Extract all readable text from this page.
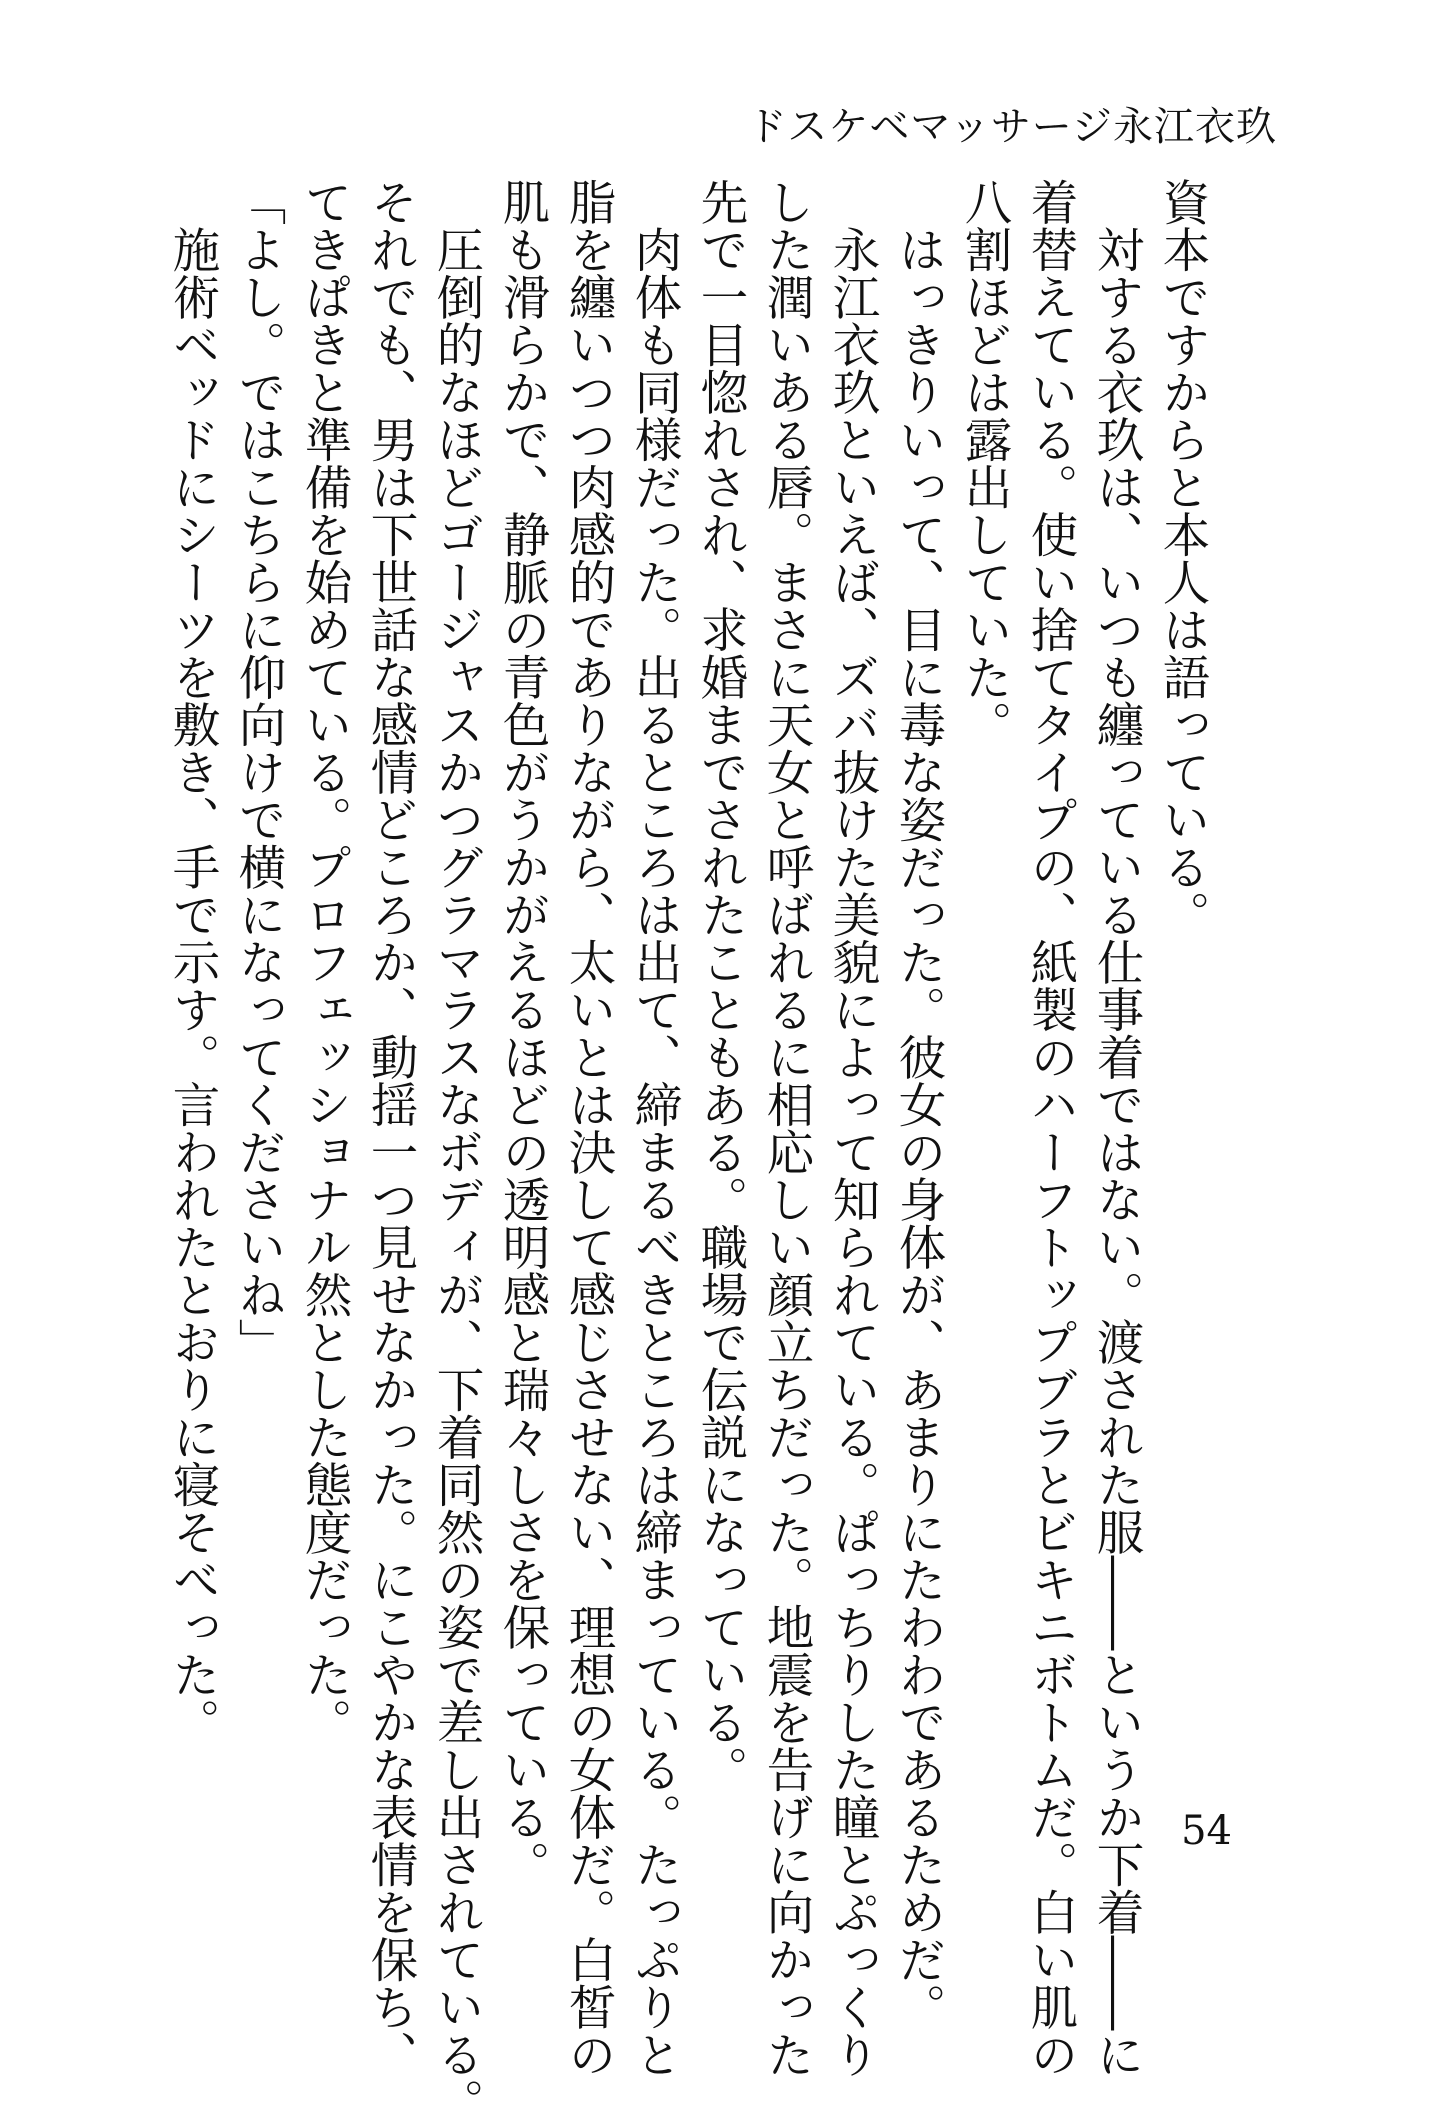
ドスケベマッサージ永江衣玖

資本ですからと本人は語っている。

　対する衣玖は、いつも纏っている仕事着ではない。渡された服――というか下着――に

着替えている。使い捨てタイプの、紙製のハーフトップブラとビキニボトムだ。白い肌の

八割ほどは露出していた。

　はっきりいって、目に毒な姿だった。彼女の身体が、あまりにたわわであるためだ。

　永江衣玖といえば、ズバ抜けた美貌によって知られている。ぱっちりした瞳とぷっくり

した潤いある唇。まさに天女と呼ばれるに相応しい顔立ちだった。地震を告げに向かった

先で一目惚れされ、求婚までされたこともある。職場で伝説になっている。

　肉体も同様だった。出るところは出て、締まるべきところは締まっている。たっぷりと

脂を纏いつつ肉感的でありながら、太いとは決して感じさせない、理想の女体だ。白皙の

肌も滑らかで、静脈の青色がうかがえるほどの透明感と瑞々しさを保っている。

　圧倒的なほどゴージャスかつグラマラスなボディが、下着同然の姿で差し出されている。

それでも、男は下世話な感情どころか、動揺一つ見せなかった。にこやかな表情を保ち、

てきぱきと準備を始めている。プロフェッショナル然とした態度だった。

「よし。ではこちらに仰向けで横になってくださいね」

　施術ベッドにシーツを敷き、手で示す。言われたとおりに寝そべった。

54
